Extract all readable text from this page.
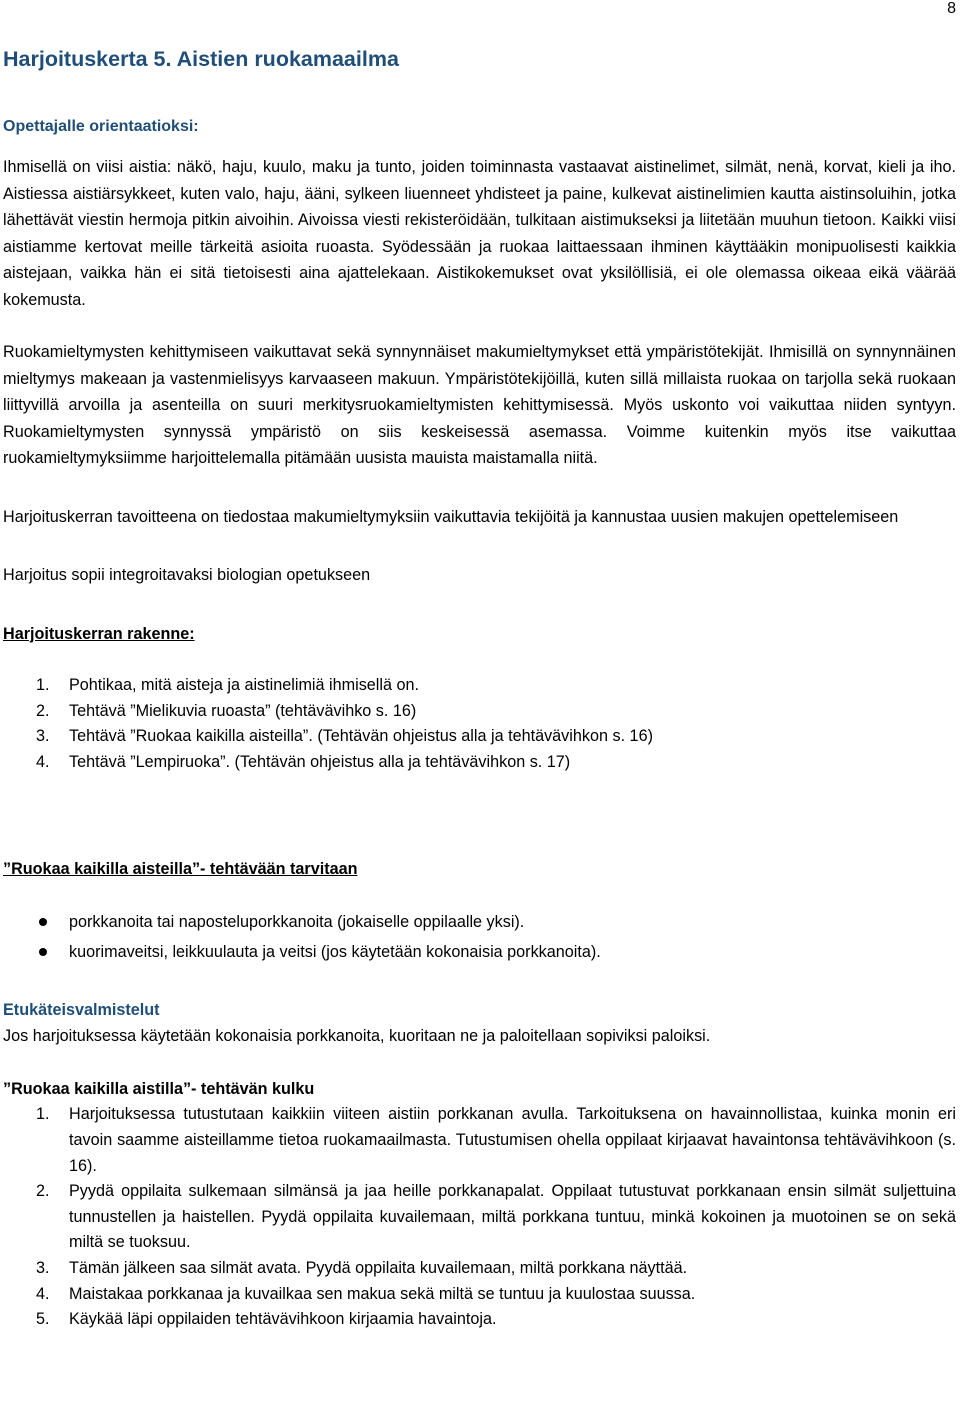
8
Harjoituskerta 5. Aistien ruokamaailma
Opettajalle orientaatioksi:

Ihmisellä on viisi aistia: näkö, haju, kuulo, maku ja tunto, joiden toiminnasta vastaavat aistinelimet, silmät, nenä, korvat, kieli ja iho. Aistiessa aistiärsykkeet, kuten valo, haju, ääni, sylkeen liuenneet yhdisteet ja paine, kulkevat aistinelimien kautta aistinsoluihin, jotka lähettävät viestin hermoja pitkin aivoihin. Aivoissa viesti rekisteröidään, tulkitaan aistimukseksi ja liitetään muuhun tietoon. Kaikki viisi aistiamme kertovat meille tärkeitä asioita ruoasta. Syödessään ja ruokaa laittaessaan ihminen käyttääkin monipuolisesti kaikkia aistejaan, vaikka hän ei sitä tietoisesti aina ajattelekaan. Aistikokemukset ovat yksilöllisiä, ei ole olemassa oikeaa eikä väärää kokemusta.

Ruokamieltymysten kehittymiseen vaikuttavat sekä synnynnäiset makumieltymykset että ympäristötekijät. Ihmisillä on synnynnäinen mieltymys makeaan ja vastenmielisyys karvaaseen makuun. Ympäristötekijöillä, kuten sillä millaista ruokaa on tarjolla sekä ruokaan liittyvillä arvoilla ja asenteilla on suuri merkitysruokamieltymisten kehittymisessä. Myös uskonto voi vaikuttaa niiden syntyyn. Ruokamieltymysten synnyssä ympäristö on siis keskeisessä asemassa. Voimme kuitenkin myös itse vaikuttaa ruokamieltymyksiimme harjoittelemalla pitämään uusista mauista maistamalla niitä.

Harjoituskerran tavoitteena on tiedostaa makumieltymyksiin vaikuttavia tekijöitä ja kannustaa uusien makujen opettelemiseen

Harjoitus sopii integroitavaksi biologian opetukseen

Harjoituskerran rakenne:
1. Pohtikaa, mitä aisteja ja aistinelimiä ihmisellä on.
2. Tehtävä ”Mielikuvia ruoasta” (tehtävävihko s. 16)
3. Tehtävä ”Ruokaa kaikilla aisteilla”. (Tehtävän ohjeistus alla ja tehtävävihkon s. 16)
4. Tehtävä ”Lempiruoka”. (Tehtävän ohjeistus alla ja tehtävävihkon s. 17)
”Ruokaa kaikilla aisteilla”- tehtävään tarvitaan
porkkanoita tai naposteluporkkanoita (jokaiselle oppilaalle yksi).
kuorimaveitsi, leikkuulauta ja veitsi (jos käytetään kokonaisia porkkanoita).
Etukäteisvalmistelut

Jos harjoituksessa käytetään kokonaisia porkkanoita, kuoritaan ne ja paloitellaan sopiviksi paloiksi.

”Ruokaa kaikilla aistilla”- tehtävän kulku
1. Harjoituksessa tutustutaan kaikkiin viiteen aistiin porkkanan avulla. Tarkoituksena on havainnollistaa, kuinka monin eri tavoin saamme aisteillamme tietoa ruokamaailmasta. Tutustumisen ohella oppilaat kirjaavat havaintonsa tehtävävihkoon (s. 16).
2. Pyydä oppilaita sulkemaan silmänsä ja jaa heille porkkanapalat. Oppilaat tutustuvat porkkanaan ensin silmät suljettuina tunnustellen ja haistellen. Pyydä oppilaita kuvailemaan, miltä porkkana tuntuu, minkä kokoinen ja muotoinen se on sekä miltä se tuoksuu.
3. Tämän jälkeen saa silmät avata. Pyydä oppilaita kuvailemaan, miltä porkkana näyttää.
4. Maistakaa porkkanaa ja kuvailkaa sen makua sekä miltä se tuntuu ja kuulostaa suussa.
5. Käykää läpi oppilaiden tehtävävihkoon kirjaamia havaintoja.
